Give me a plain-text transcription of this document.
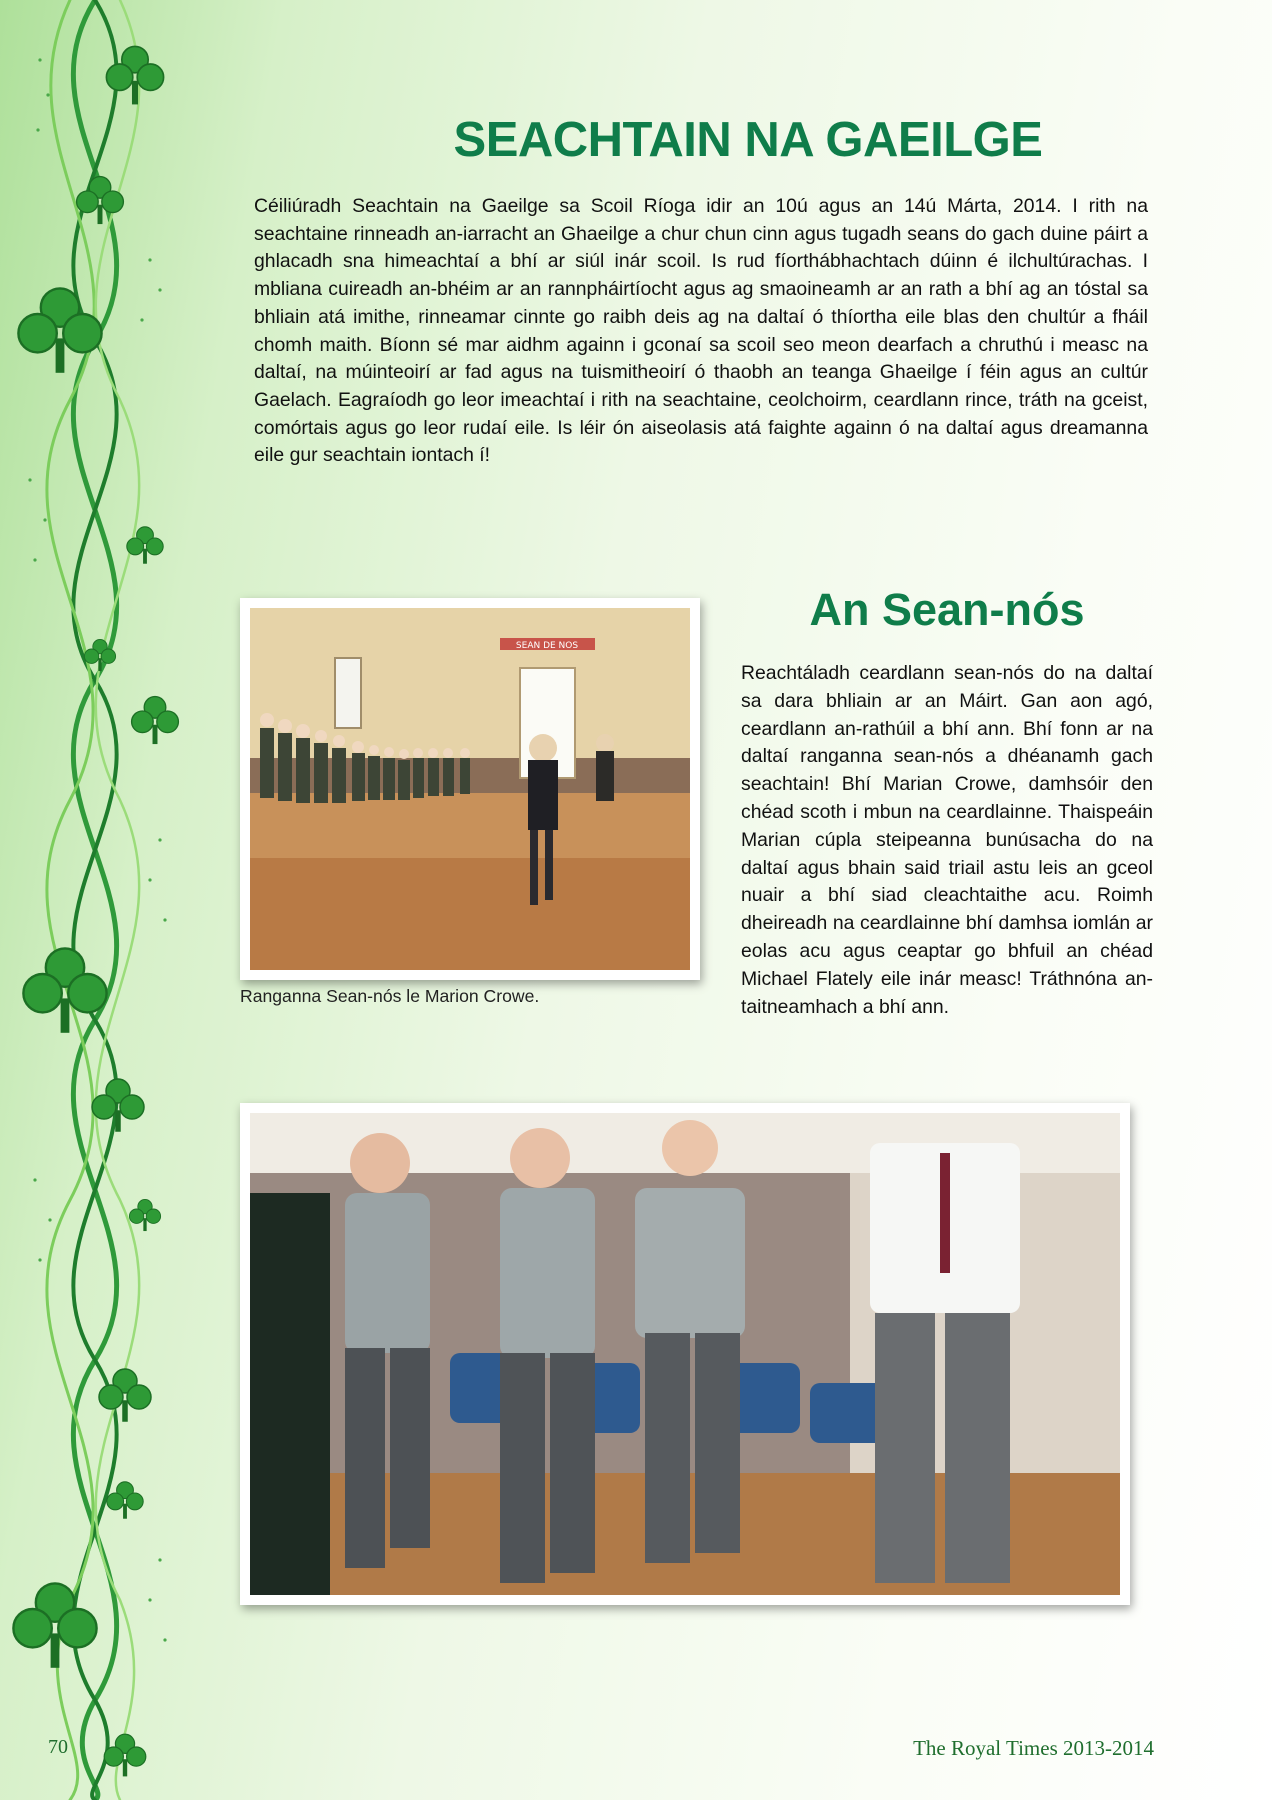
SEACHTAIN NA GAEILGE

Céiliúradh Seachtain na Gaeilge sa Scoil Ríoga idir an 10ú agus an 14ú Márta, 2014. I rith na seachtaine rinneadh an-iarracht an Ghaeilge a chur chun cinn agus tugadh seans do gach duine páirt a ghlacadh sna himeachtaí a bhí ar siúl inár scoil. Is rud fíorthábhachtach dúinn é ilchultúrachas. I mbliana cuireadh an-bhéim ar an rannpháirtíocht agus ag smaoineamh ar an rath a bhí ag an tóstal sa bhliain atá imithe, rinneamar cinnte go raibh deis ag na daltaí ó thíortha eile blas den chultúr a fháil chomh maith. Bíonn sé mar aidhm againn i gconaí sa scoil seo meon dearfach a chruthú i measc na daltaí, na múinteoirí ar fad agus na tuismitheoirí ó thaobh an teanga Ghaeilge í féin agus an cultúr Gaelach. Eagraíodh go leor imeachtaí i rith na seachtaine, ceolchoirm, ceardlann rince, tráth na gceist, comórtais agus go leor rudaí eile. Is léir ón aiseolasis atá faighte againn ó na daltaí agus dreamanna eile gur seachtain iontach í!

SEAN DE NOS

Ranganna Sean-nós le Marion Crowe.

An Sean-nós

Reachtáladh ceardlann sean-nós do na daltaí sa dara bhliain ar an Máirt. Gan aon agó, ceardlann an-rathúil a bhí ann. Bhí fonn ar na daltaí ranganna sean-nós a dhéanamh gach seachtain! Bhí Marian Crowe, damhsóir den chéad scoth i mbun na ceardlainne. Thaispeáin Marian cúpla steipeanna bunúsacha do na daltaí agus bhain said triail astu leis an gceol nuair a bhí siad cleachtaithe acu. Roimh dheireadh na ceardlainne bhí damhsa iomlán ar eolas acu agus ceaptar go bhfuil an chéad Michael Flately eile inár measc! Tráthnóna an-taitneamhach a bhí ann.

70	The Royal Times 2013-2014
